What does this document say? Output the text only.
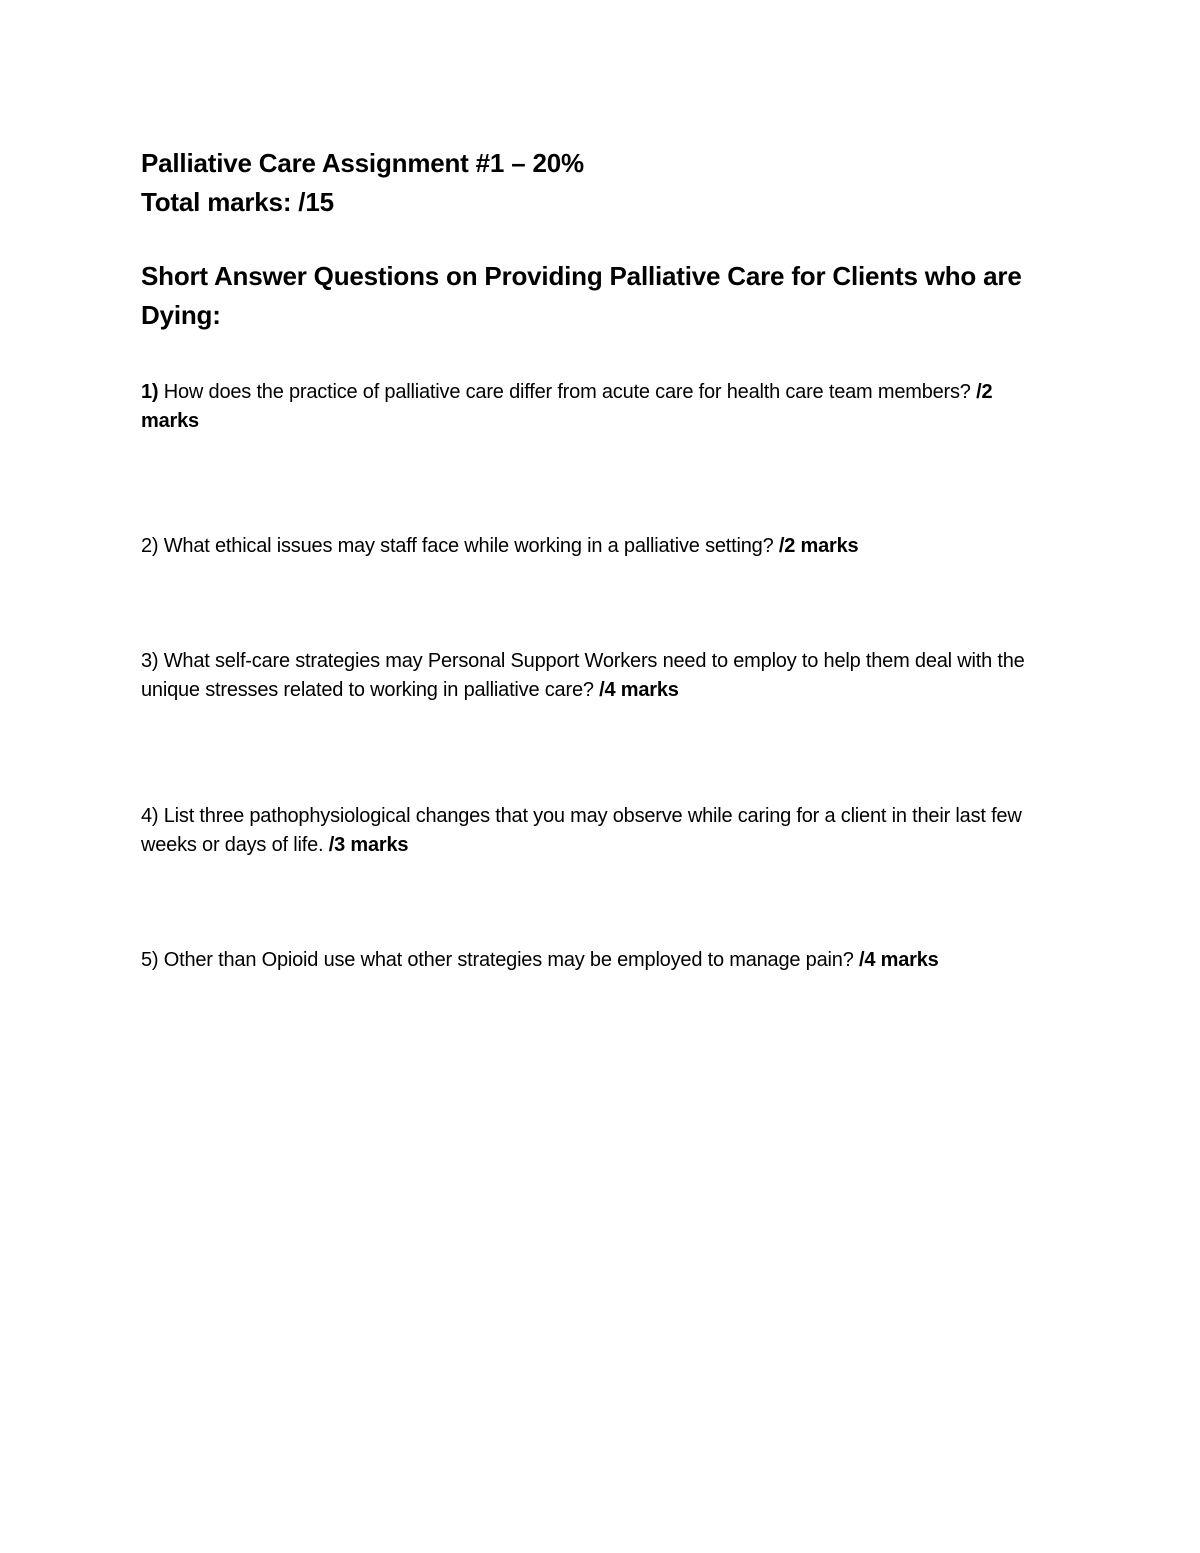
Palliative Care Assignment #1 – 20%

Total marks: /15

Short Answer Questions on Providing Palliative Care for Clients who are Dying:

1) How does the practice of palliative care differ from acute care for health care team members? /2 marks

2) What ethical issues may staff face while working in a palliative setting? /2 marks

3) What self-care strategies may Personal Support Workers need to employ to help them deal with the unique stresses related to working in palliative care? /4 marks

4) List three pathophysiological changes that you may observe while caring for a client in their last few weeks or days of life. /3 marks

5) Other than Opioid use what other strategies may be employed to manage pain? /4 marks
